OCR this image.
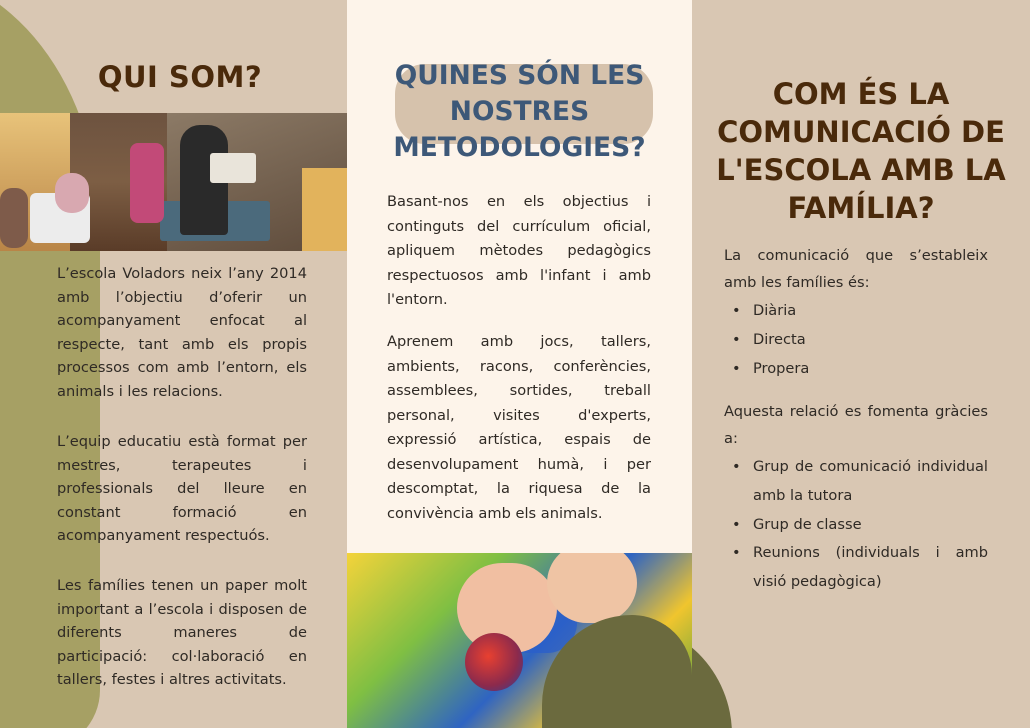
QUI SOM?
L’escola Voladors neix l’any 2014 amb l’objectiu d’oferir un acompanyament enfocat al respecte, tant amb els propis processos com amb l’entorn, els animals i les relacions.
L’equip educatiu està format per mestres, terapeutes i professionals del lleure en constant formació en acompanyament respectuós.
Les famílies tenen un paper molt important a l’escola i disposen de diferents maneres de participació: col·laboració en tallers, festes i altres activitats.
QUINES SÓN LES NOSTRES METODOLOGIES?
Basant-nos en els objectius i continguts del currículum oficial, apliquem mètodes pedagògics respectuosos amb l'infant i amb l'entorn.
Aprenem amb jocs, tallers, ambients, racons, conferències, assemblees, sortides, treball personal, visites d'experts, expressió artística, espais de desenvolupament humà, i per descomptat, la riquesa de la convivència amb els animals.
COM ÉS LA COMUNICACIÓ DE L'ESCOLA AMB LA FAMÍLIA?
La comunicació que s’estableix amb les famílies és:
• Diària
• Directa
• Propera
Aquesta relació es fomenta gràcies a:
• Grup de comunicació individual amb la tutora
• Grup de classe
• Reunions (individuals i amb visió pedagògica)
